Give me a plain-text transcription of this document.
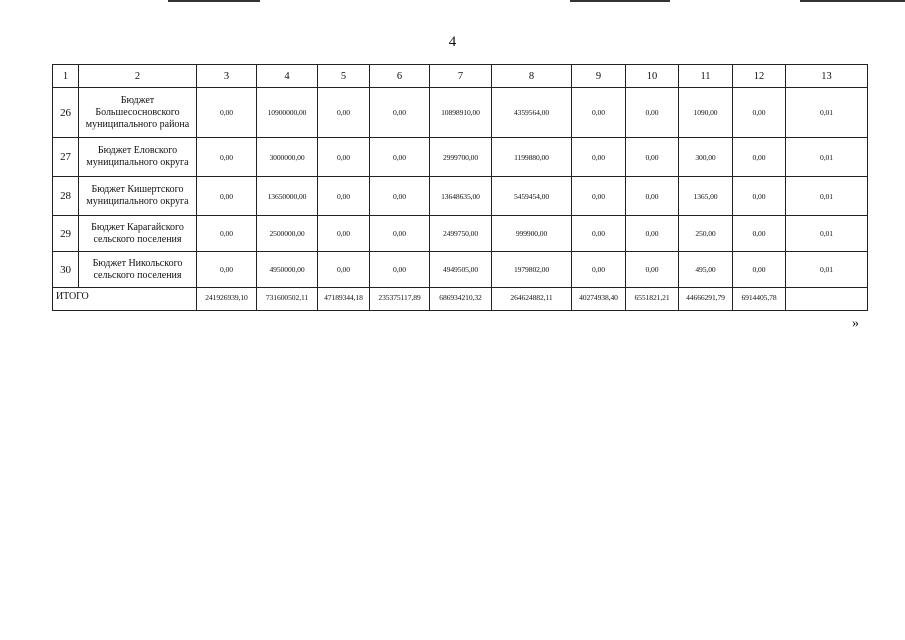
4
1	2	3	4	5	6	7	8	9	10	11	12	13
26	Бюджет Большесосновского муниципального района	0,00	10900000,00	0,00	0,00	10898910,00	4359564,00	0,00	0,00	1090,00	0,00	0,01
27	Бюджет Еловского муниципального округа	0,00	3000000,00	0,00	0,00	2999700,00	1199880,00	0,00	0,00	300,00	0,00	0,01
28	Бюджет Кишертского муниципального округа	0,00	13650000,00	0,00	0,00	13648635,00	5459454,00	0,00	0,00	1365,00	0,00	0,01
29	Бюджет Карагайского сельского поселения	0,00	2500000,00	0,00	0,00	2499750,00	999900,00	0,00	0,00	250,00	0,00	0,01
30	Бюджет Никольского сельского поселения	0,00	4950000,00	0,00	0,00	4949505,00	1979802,00	0,00	0,00	495,00	0,00	0,01
ИТОГО		241926939,10	731600502,11	47189344,18	235375117,89	686934210,32	264624882,11	40274938,40	6551821,21	44666291,79	6914405,78	
»
